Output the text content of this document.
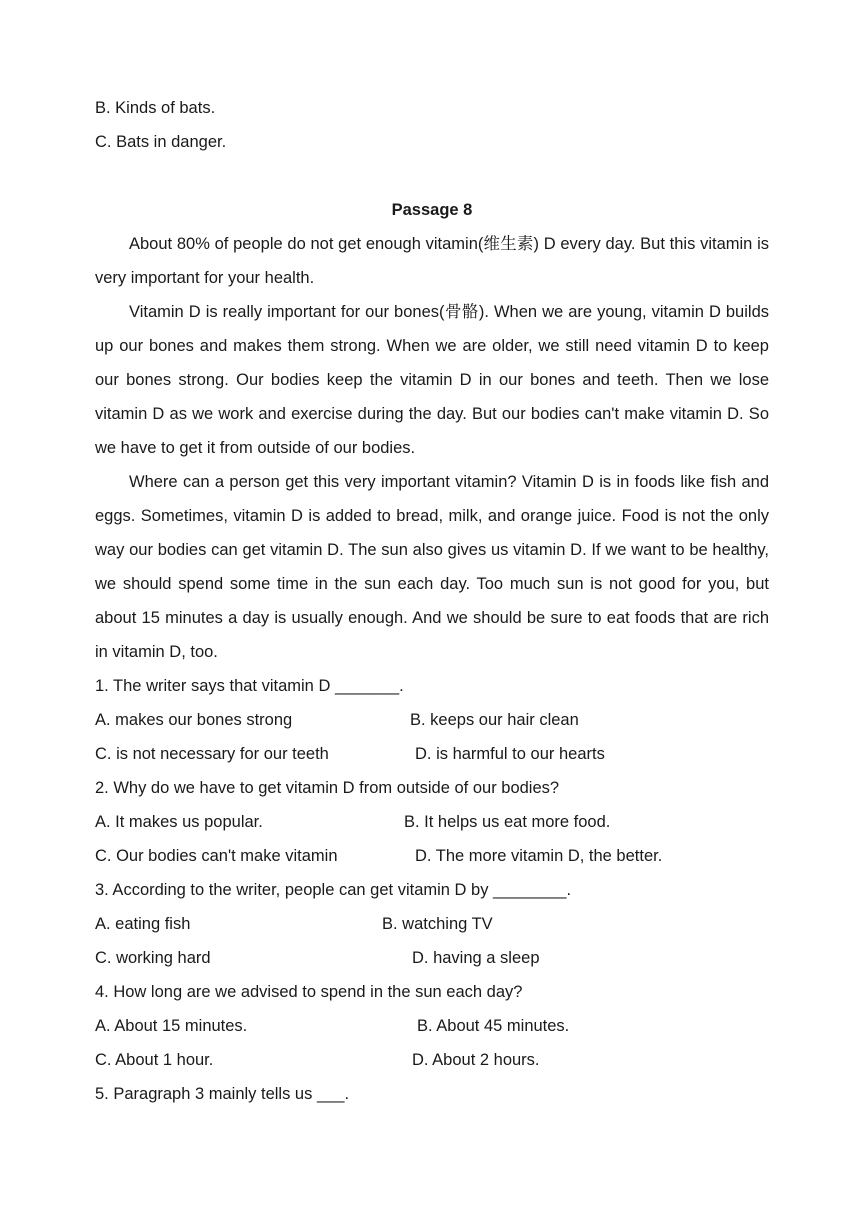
B. Kinds of bats.
C. Bats in danger.
Passage 8
About 80% of people do not get enough vitamin(维生素) D every day. But this vitamin is very important for your health.
Vitamin D is really important for our bones(骨骼). When we are young, vitamin D builds up our bones and makes them strong. When we are older, we still need vitamin D to keep our bones strong. Our bodies keep the vitamin D in our bones and teeth. Then we lose vitamin D as we work and exercise during the day. But our bodies can't make vitamin D. So we have to get it from outside of our bodies.
Where can a person get this very important vitamin? Vitamin D is in foods like fish and eggs. Sometimes, vitamin D is added to bread, milk, and orange juice. Food is not the only way our bodies can get vitamin D. The sun also gives us vitamin D. If we want to be healthy, we should spend some time in the sun each day. Too much sun is not good for you, but about 15 minutes a day is usually enough. And we should be sure to eat foods that are rich in vitamin D, too.
1. The writer says that vitamin D _______.
A. makes our bones strong	B. keeps our hair clean
C. is not necessary for our teeth	D. is harmful to our hearts
2. Why do we have to get vitamin D from outside of our bodies?
A. It makes us popular.	B. It helps us eat more food.
C. Our bodies can't make vitamin	D. The more vitamin D, the better.
3. According to the writer, people can get vitamin D by ________.
A. eating fish	B. watching TV
C. working hard	D. having a sleep
4. How long are we advised to spend in the sun each day?
A. About 15 minutes.	B. About 45 minutes.
C. About 1 hour.	D. About 2 hours.
5. Paragraph 3 mainly tells us ___.
